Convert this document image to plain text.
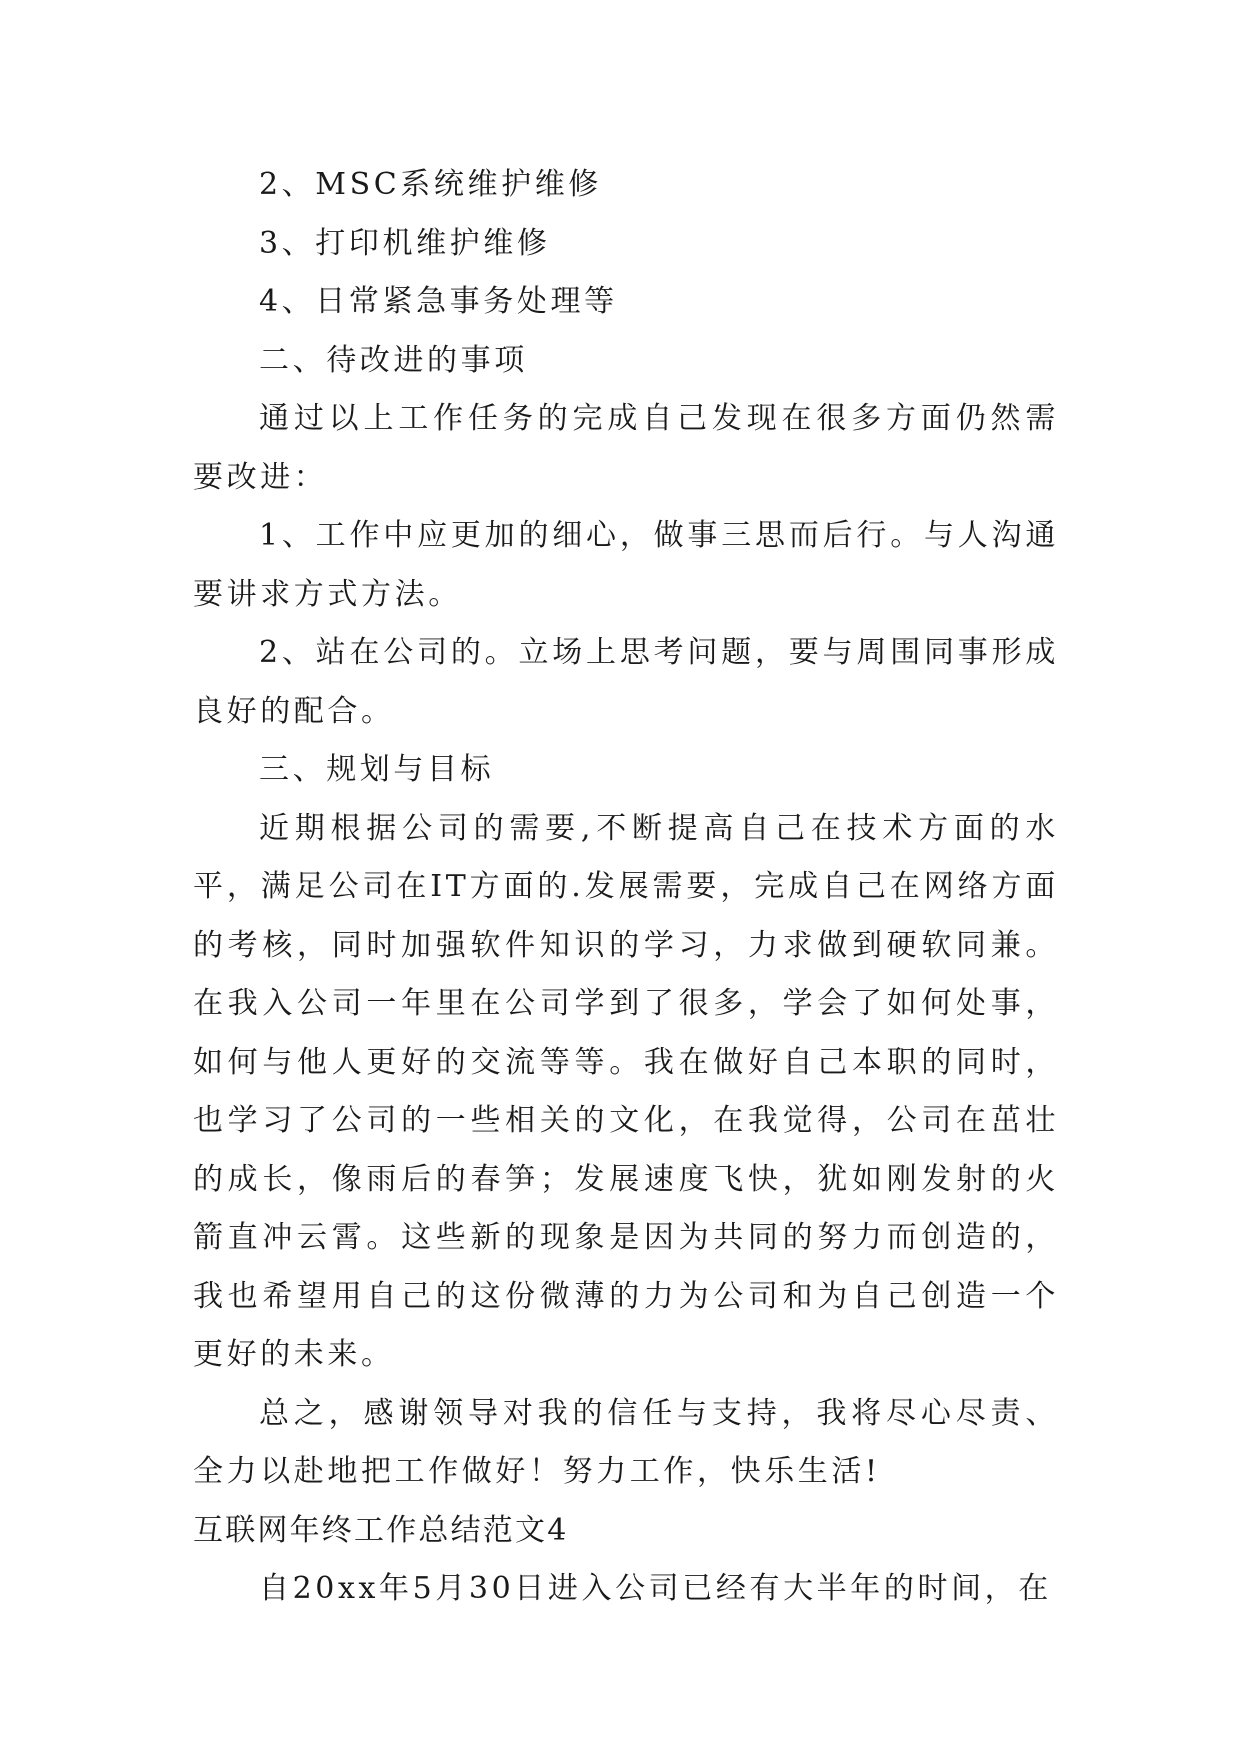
2、MSC系统维护维修

3、打印机维护维修

4、日常紧急事务处理等

二、待改进的事项

通过以上工作任务的完成自己发现在很多方面仍然需要改进：

1、工作中应更加的细心，做事三思而后行。与人沟通要讲求方式方法。

2、站在公司的。立场上思考问题，要与周围同事形成良好的配合。

三、规划与目标

近期根据公司的需要,不断提高自己在技术方面的水平，满足公司在IT方面的.发展需要，完成自己在网络方面的考核，同时加强软件知识的学习，力求做到硬软同兼。在我入公司一年里在公司学到了很多，学会了如何处事，如何与他人更好的交流等等。我在做好自己本职的同时，也学习了公司的一些相关的文化，在我觉得，公司在茁壮的成长，像雨后的春笋；发展速度飞快，犹如刚发射的火箭直冲云霄。这些新的现象是因为共同的努力而创造的，我也希望用自己的这份微薄的力为公司和为自己创造一个更好的未来。

总之，感谢领导对我的信任与支持，我将尽心尽责、全力以赴地把工作做好！努力工作，快乐生活!

互联网年终工作总结范文4

自20xx年5月30日进入公司已经有大半年的时间，在
